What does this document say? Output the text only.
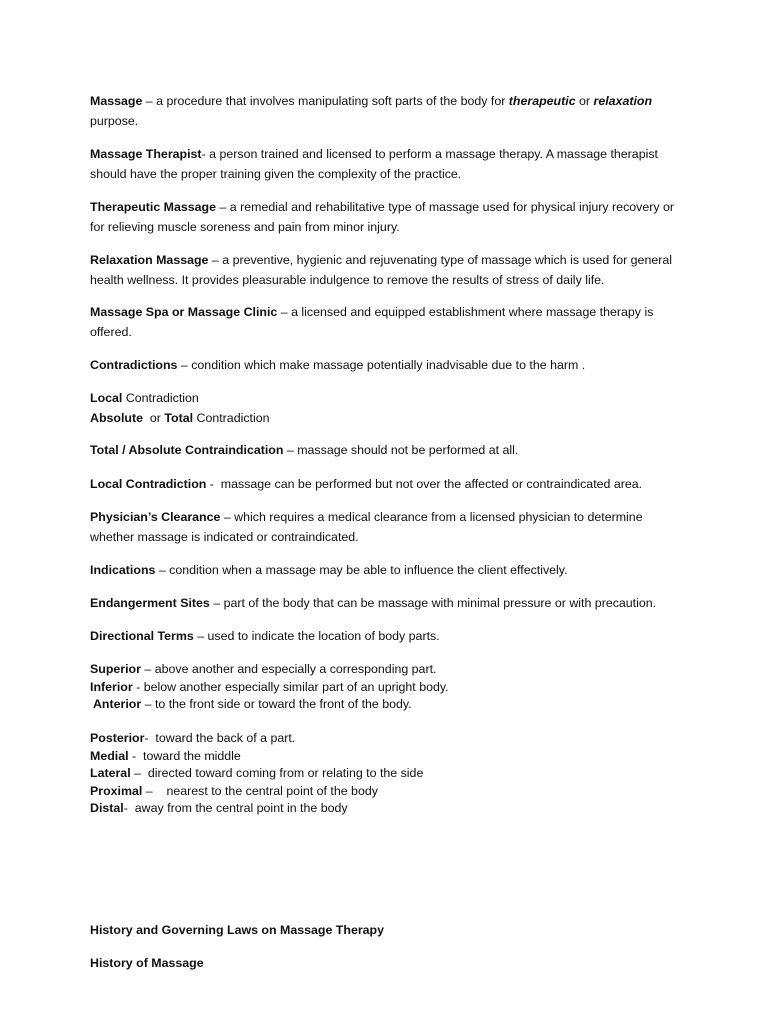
Massage – a procedure that involves manipulating soft parts of the body for therapeutic or relaxation purpose.

Massage Therapist- a person trained and licensed to perform a massage therapy. A massage therapist should have the proper training given the complexity of the practice.

Therapeutic Massage – a remedial and rehabilitative type of massage used for physical injury recovery or for relieving muscle soreness and pain from minor injury.

Relaxation Massage – a preventive, hygienic and rejuvenating type of massage which is used for general health wellness. It provides pleasurable indulgence to remove the results of stress of daily life.

Massage Spa or Massage Clinic – a licensed and equipped establishment where massage therapy is offered.

Contradictions – condition which make massage potentially inadvisable due to the harm .

Local Contradiction

Absolute  or Total Contradiction

Total / Absolute Contraindication – massage should not be performed at all.

Local Contradiction -  massage can be performed but not over the affected or contraindicated area.

Physician’s Clearance – which requires a medical clearance from a licensed physician to determine whether massage is indicated or contraindicated.

Indications – condition when a massage may be able to influence the client effectively.

Endangerment Sites – part of the body that can be massage with minimal pressure or with precaution.

Directional Terms – used to indicate the location of body parts.

Superior – above another and especially a corresponding part.
Inferior - below another especially similar part of an upright body.
Anterior – to the front side or toward the front of the body.
Posterior-  toward the back of a part.
Medial -  toward the middle
Lateral –  directed toward coming from or relating to the side
Proximal –    nearest to the central point of the body
Distal-  away from the central point in the body

History and Governing Laws on Massage Therapy

History of Massage
